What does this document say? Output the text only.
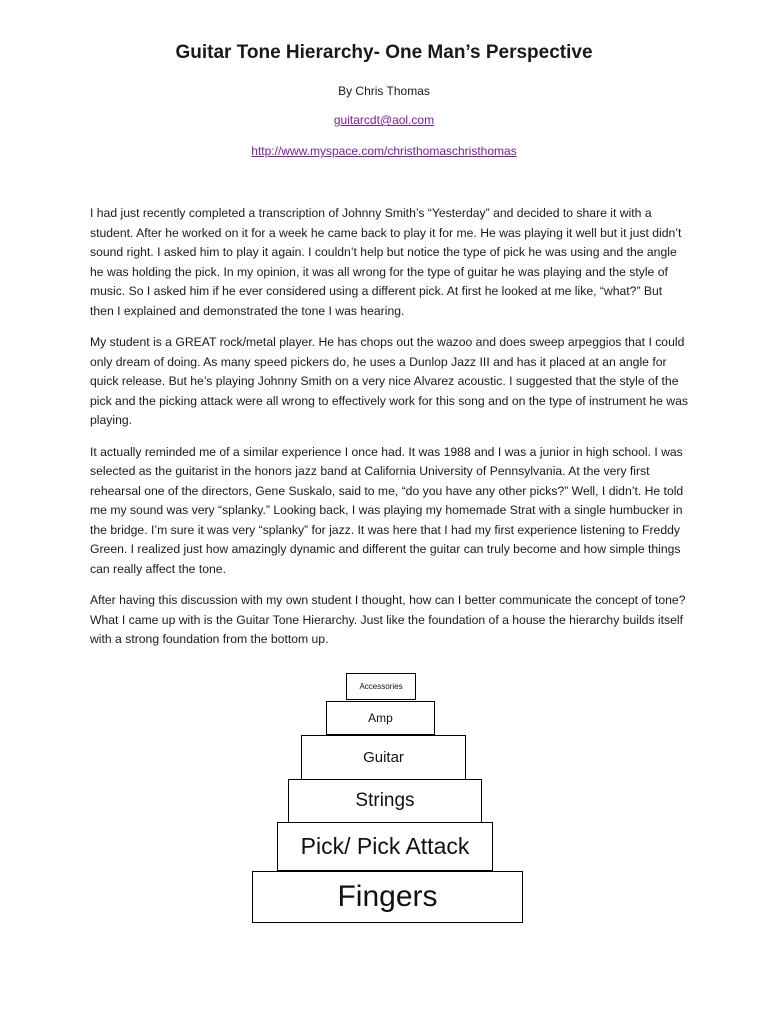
Guitar Tone Hierarchy- One Man’s Perspective
By Chris Thomas
guitarcdt@aol.com
http://www.myspace.com/christhomaschristhomas

I had just recently completed a transcription of Johnny Smith’s “Yesterday” and decided to share it with a student. After he worked on it for a week he came back to play it for me. He was playing it well but it just didn’t sound right. I asked him to play it again. I couldn’t help but notice the type of pick he was using and the angle he was holding the pick. In my opinion, it was all wrong for the type of guitar he was playing and the style of music. So I asked him if he ever considered using a different pick. At first he looked at me like, “what?” But then I explained and demonstrated the tone I was hearing.

My student is a GREAT rock/metal player. He has chops out the wazoo and does sweep arpeggios that I could only dream of doing. As many speed pickers do, he uses a Dunlop Jazz III and has it placed at an angle for quick release. But he’s playing Johnny Smith on a very nice Alvarez acoustic. I suggested that the style of the pick and the picking attack were all wrong to effectively work for this song and on the type of instrument he was playing.

It actually reminded me of a similar experience I once had. It was 1988 and I was a junior in high school. I was selected as the guitarist in the honors jazz band at California University of Pennsylvania. At the very first rehearsal one of the directors, Gene Suskalo, said to me, “do you have any other picks?” Well, I didn’t. He told me my sound was very “splanky.” Looking back, I was playing my homemade Strat with a single humbucker in the bridge. I’m sure it was very “splanky” for jazz. It was here that I had my first experience listening to Freddy Green. I realized just how amazingly dynamic and different the guitar can truly become and how simple things can really affect the tone.

After having this discussion with my own student I thought, how can I better communicate the concept of tone? What I came up with is the Guitar Tone Hierarchy. Just like the foundation of a house the hierarchy builds itself with a strong foundation from the bottom up.

Accessories
Amp
Guitar
Strings
Pick/ Pick Attack
Fingers
